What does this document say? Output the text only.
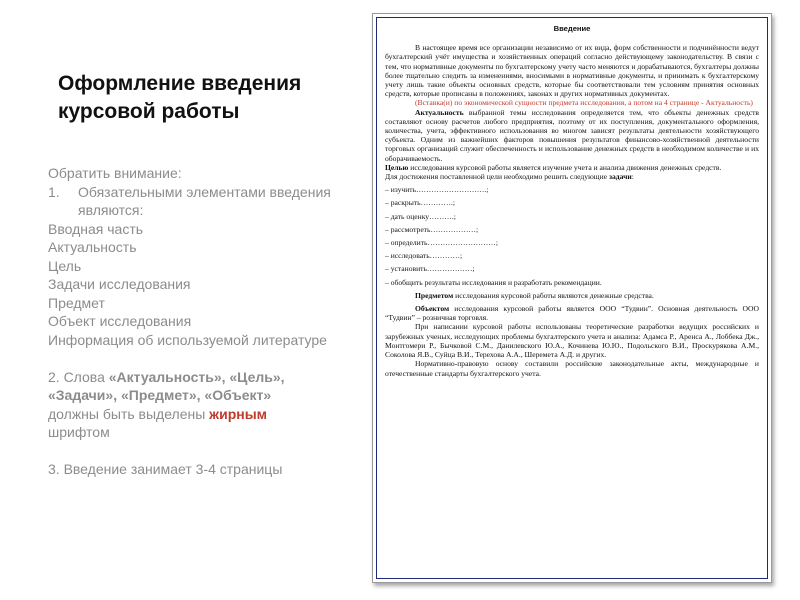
Оформление введения
курсовой работы
Обратить внимание:
1.	Обязательными элементами введения
являются:
Вводная часть
Актуальность
Цель
Задачи исследования
Предмет
Объект исследования
Информация об используемой литературе
2. Слова «Актуальность», «Цель»,
«Задачи», «Предмет», «Объект»
должны быть выделены жирным
шрифтом
3. Введение занимает 3-4 страницы
Введение

В настоящее время все организации независимо от их вида, форм собственности и подчинённости ведут бухгалтерский учёт имущества и хозяйственных операций согласно действующему законодательству. В связи с тем, что нормативные документы по бухгалтерскому учету часто меняются и дорабатываются, бухгалтеры должны более тщательно следить за изменениями, вносимыми в нормативные документы, и принимать к бухгалтерскому учету лишь такие объекты основных средств, которые бы соответствовали тем условиям принятия основных средств, которые прописаны в положениях, законах и других нормативных документах.

(Вставка(и) по экономической сущности предмета исследования, а потом на 4 странице - Актуальность)

Актуальность выбранной темы исследования определяется тем, что объекты денежных средств составляют основу расчетов любого предприятия, поэтому от их поступления, документального оформления, количества, учета, эффективного использования во многом зависят результаты деятельности хозяйствующего субъекта. Одним из важнейших факторов повышения результатов финансово-хозяйственной деятельности торговых организаций служит обеспеченность и использование денежных средств в необходимом количестве и их оборачиваемость.

Целью исследования курсовой работы является изучение учета и анализа движения денежных средств.

Для достижения поставленной цели необходимо решить следующие задачи:

– изучить……………………….;

– раскрыть………….;

– дать оценку……….;

– рассмотреть………………;

– определить………………………;

– исследовать…………;

– установить………………;

– обобщить результаты исследования и разработать рекомендации.

Предметом исследования курсовой работы являются денежные средства.

Объектом исследования курсовой работы является ООО “Тудвин”. Основная деятельность ООО “Тудвин” – розничная торговля.

При написании курсовой работы использованы теоретические разработки ведущих российских и зарубежных ученых, исследующих проблемы бухгалтерского учета и анализа: Адамса Р., Аренса А., Лоббека Дж., Монтгомери Р., Бычковой С.М., Данилевского Ю.А., Кочинева Ю.Ю., Подольского В.И., Проскурякова А.М., Соколова Я.В., Суйца В.И., Терехова А.А., Шеремета А.Д. и других.

Нормативно-правовую основу составили российские законодательные акты, международные и отечественные стандарты бухгалтерского учета.
